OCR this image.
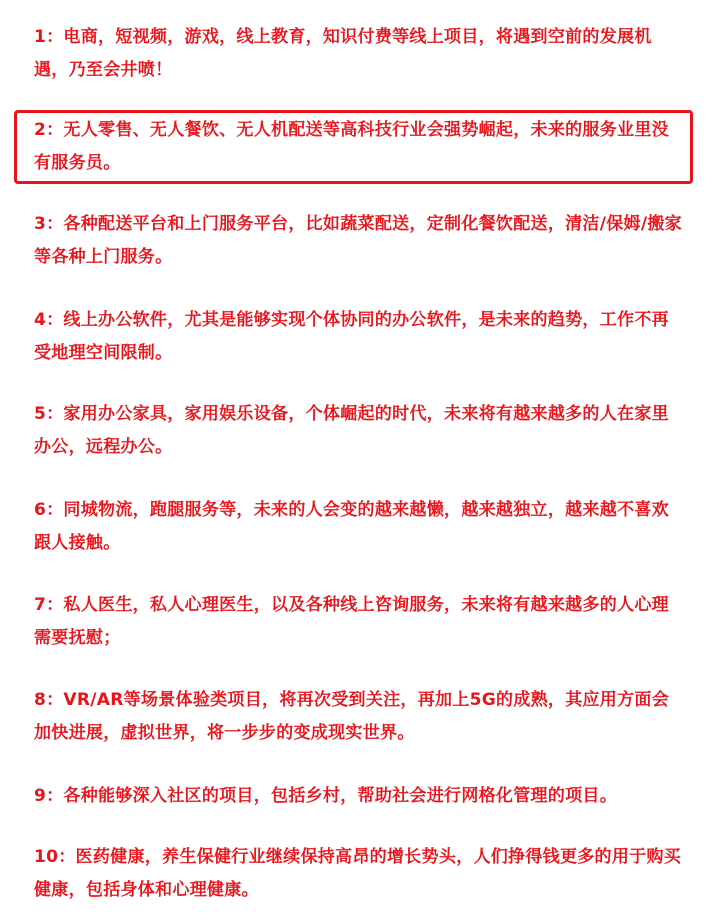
1：电商，短视频，游戏，线上教育，知识付费等线上项目，将遇到空前的发展机遇，乃至会井喷！

2：无人零售、无人餐饮、无人机配送等高科技行业会强势崛起，未来的服务业里没有服务员。

3：各种配送平台和上门服务平台，比如蔬菜配送，定制化餐饮配送，清洁/保姆/搬家等各种上门服务。

4：线上办公软件，尤其是能够实现个体协同的办公软件，是未来的趋势，工作不再受地理空间限制。

5：家用办公家具，家用娱乐设备，个体崛起的时代，未来将有越来越多的人在家里办公，远程办公。

6：同城物流，跑腿服务等，未来的人会变的越来越懒，越来越独立，越来越不喜欢跟人接触。

7：私人医生，私人心理医生，以及各种线上咨询服务，未来将有越来越多的人心理需要抚慰；

8：VR/AR等场景体验类项目，将再次受到关注，再加上5G的成熟，其应用方面会加快进展，虚拟世界，将一步步的变成现实世界。

9：各种能够深入社区的项目，包括乡村，帮助社会进行网格化管理的项目。

10：医药健康，养生保健行业继续保持高昂的增长势头，人们挣得钱更多的用于购买健康，包括身体和心理健康。
